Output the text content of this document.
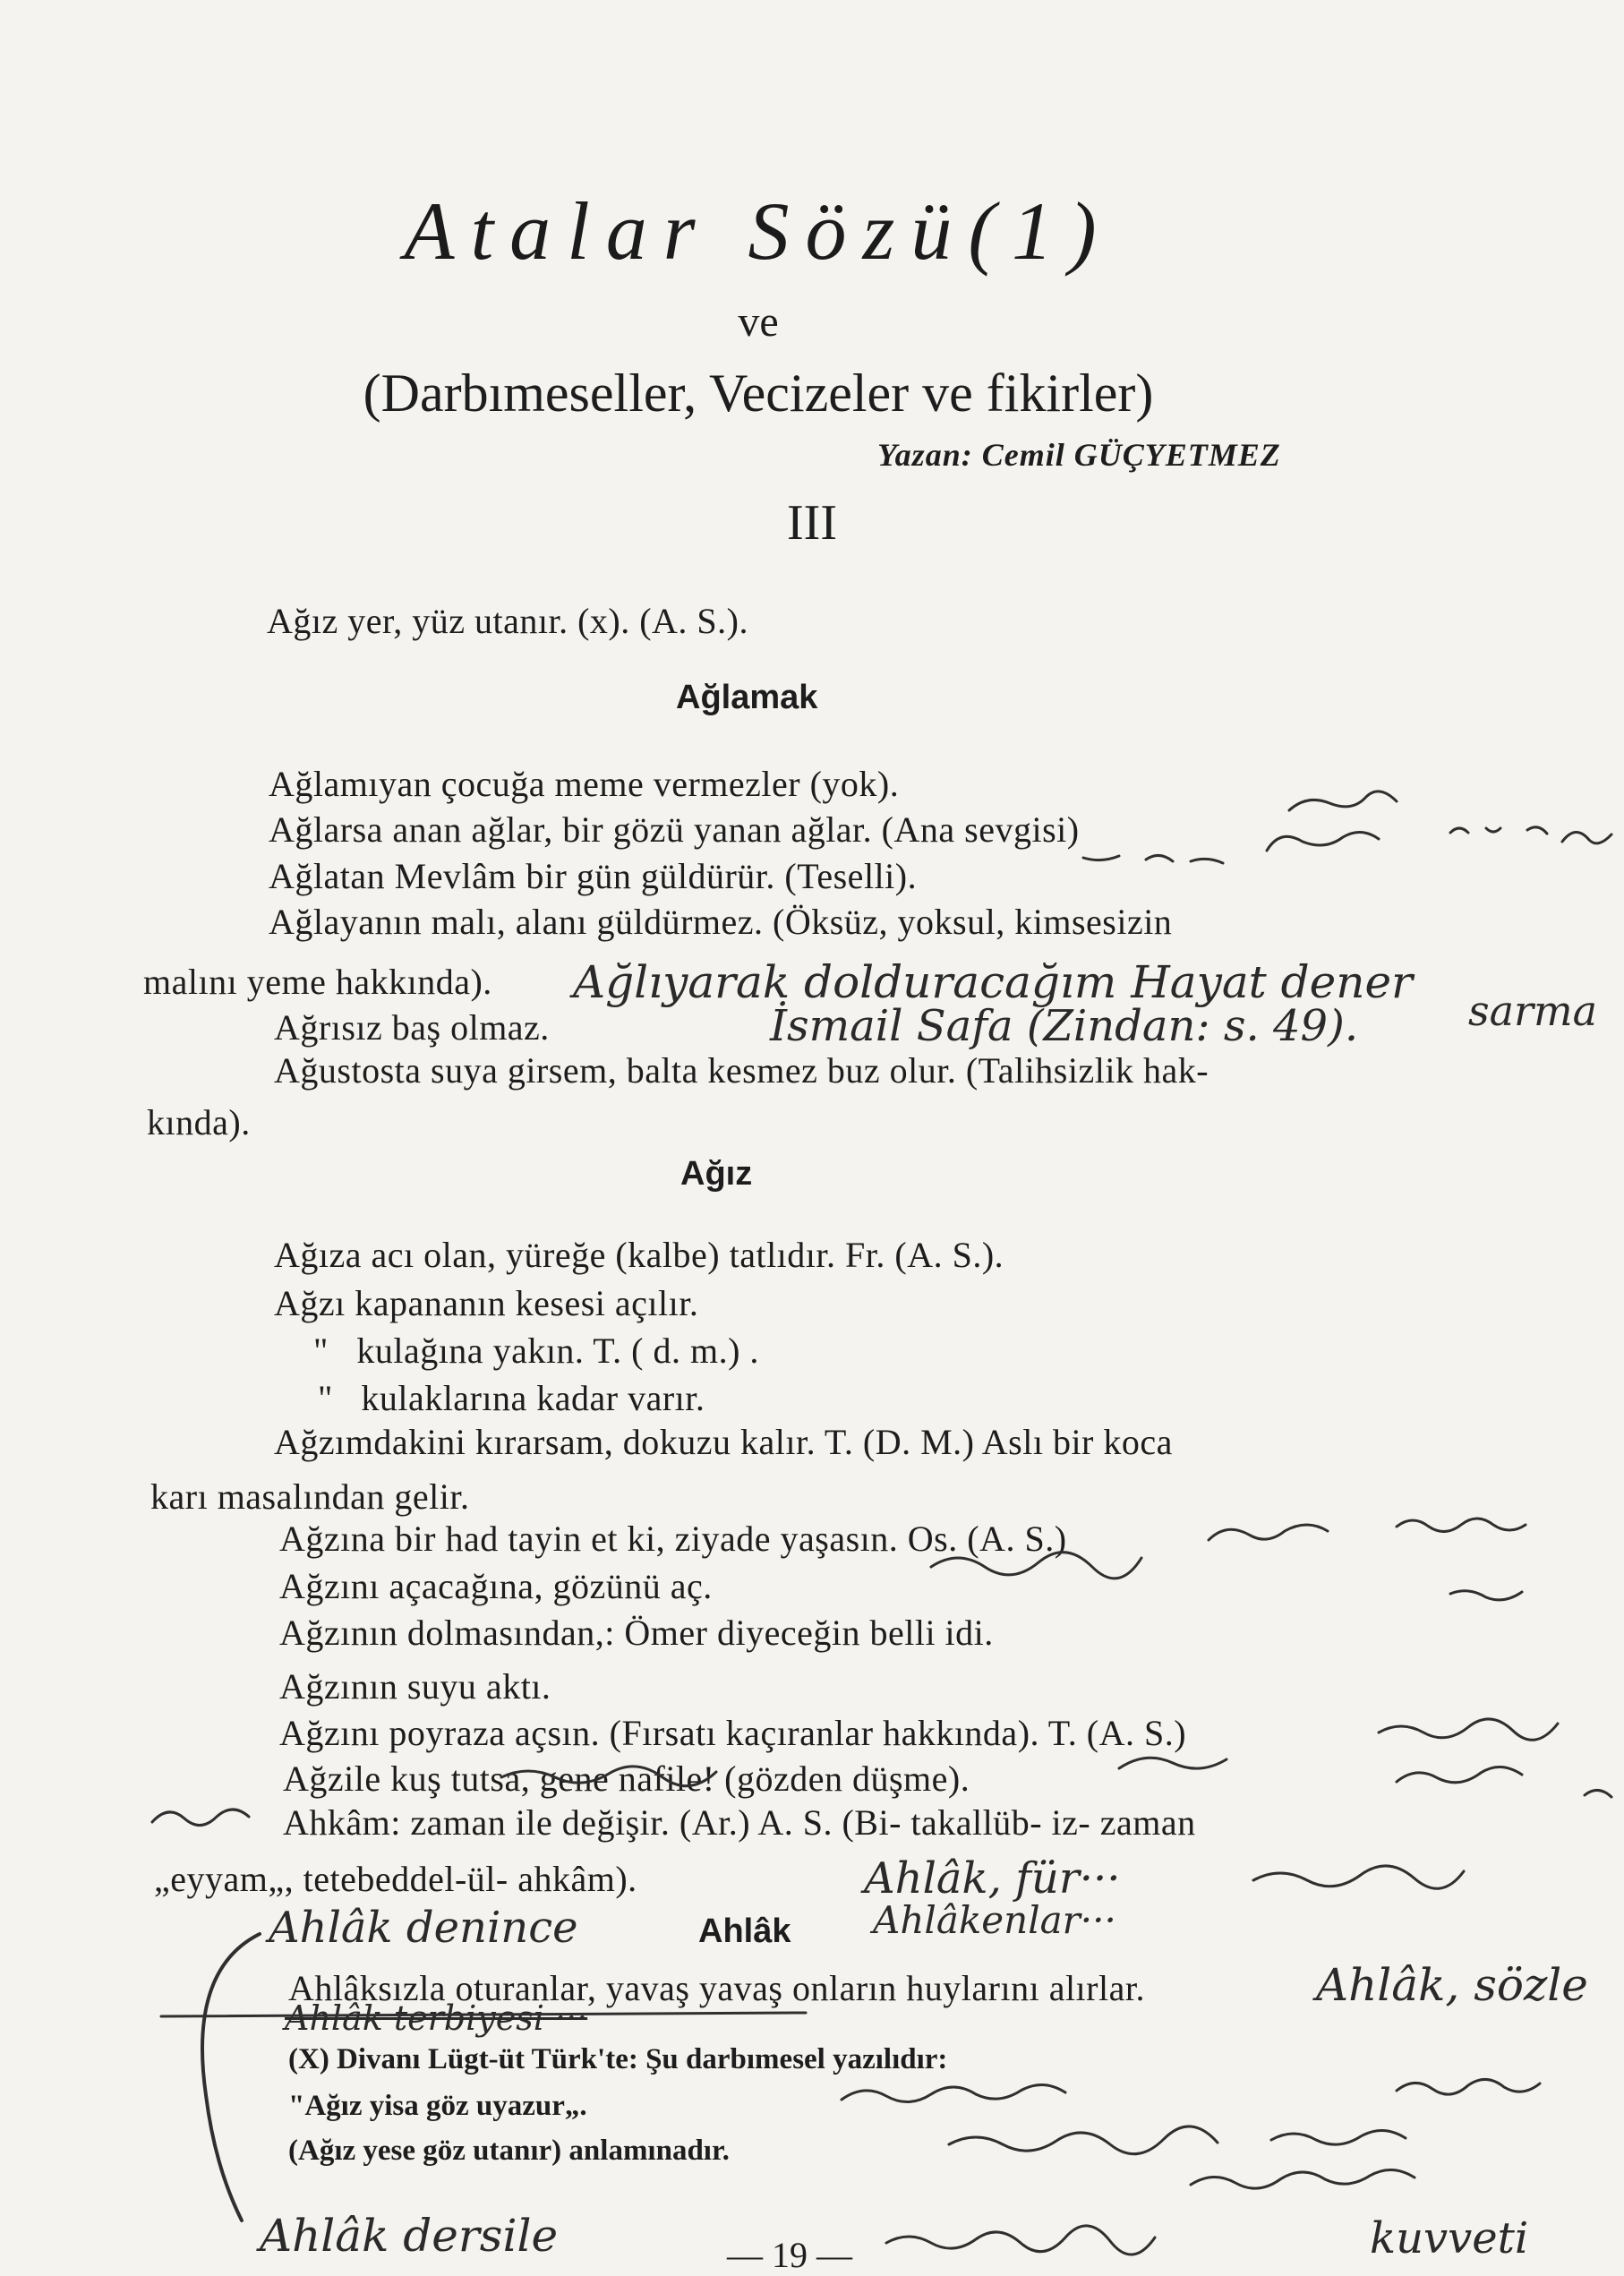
Atalar Sözü(1)
ve
(Darbımeseller, Vecizeler ve fikirler)
Yazan: Cemil GÜÇYETMEZ
III
Ağız yer, yüz utanır. (x). (A. S.).
Ağlamak
Ağlamıyan çocuğa meme vermezler (yok).
Ağlarsa anan ağlar, bir gözü yanan ağlar. (Ana sevgisi)
Ağlatan Mevlâm bir gün güldürür. (Teselli).
Ağlayanın malı, alanı güldürmez. (Öksüz, yoksul, kimsesizin
malını yeme hakkında).
Ağrısız baş olmaz.
Ağustosta suya girsem, balta kesmez buz olur. (Talihsizlik hak-
kında).
Ağız
Ağıza acı olan, yüreğe (kalbe) tatlıdır. Fr. (A. S.).
Ağzı kapananın kesesi açılır.
"   kulağına yakın. T. ( d. m.) .
"   kulaklarına kadar varır.
Ağzımdakini kırarsam, dokuzu kalır. T. (D. M.) Aslı bir koca
karı masalından gelir.
Ağzına bir had tayin et ki, ziyade yaşasın. Os. (A. S.)
Ağzını açacağına, gözünü aç.
Ağzının dolmasından,: Ömer diyeceğin belli idi.
Ağzının suyu aktı.
Ağzını poyraza açsın. (Fırsatı kaçıranlar hakkında). T. (A. S.)
Ağzile kuş tutsa, gene nafile! (gözden düşme).
Ahkâm: zaman ile değişir. (Ar.) A. S. (Bi- takallüb- iz- zaman
„eyyam„, tetebeddel-ül- ahkâm).
Ahlâk
Ahlâksızla oturanlar, yavaş yavaş onların huylarını alırlar.
(X) Divanı Lügt-üt Türk'te: Şu darbımesel yazılıdır:
"Ağız yisa göz uyazur„.
(Ağız yese göz utanır) anlamınadır.
— 19 —
Ağlıyarak dolduracağım Hayat dener
sarma
İsmail Safa (Zindan: s. 49).
Ahlâk, für···
Ahlâk denince	Ahlâkenlar···
Ahlâk, sözle
Ahlâk terbiyesi ···
Ahlâk dersile	kuvveti
